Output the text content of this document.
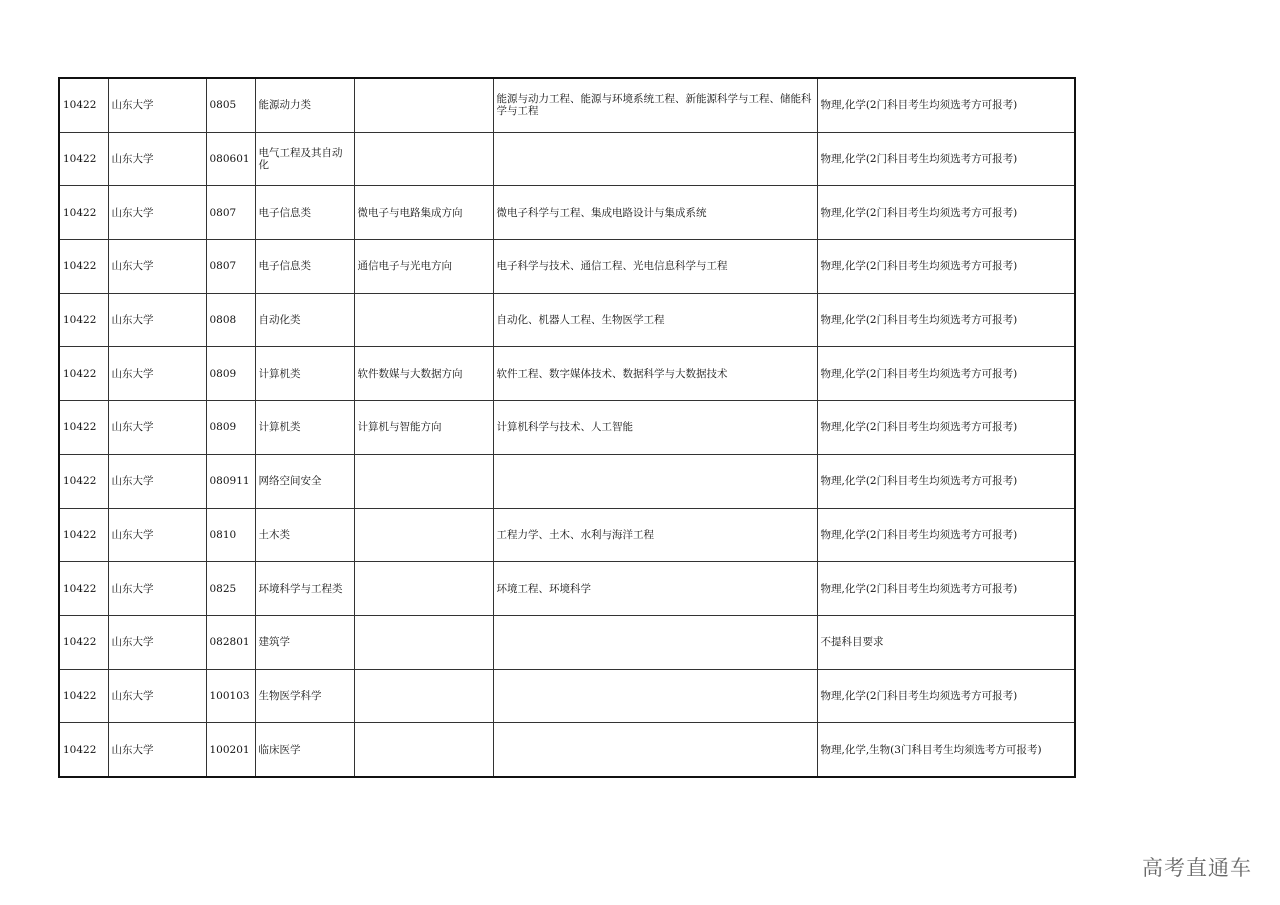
10422	山东大学	0805	能源动力类		能源与动力工程、能源与环境系统工程、新能源科学与工程、储能科学与工程	物理,化学(2门科目考生均须选考方可报考)
10422	山东大学	080601	电气工程及其自动化			物理,化学(2门科目考生均须选考方可报考)
10422	山东大学	0807	电子信息类	微电子与电路集成方向	微电子科学与工程、集成电路设计与集成系统	物理,化学(2门科目考生均须选考方可报考)
10422	山东大学	0807	电子信息类	通信电子与光电方向	电子科学与技术、通信工程、光电信息科学与工程	物理,化学(2门科目考生均须选考方可报考)
10422	山东大学	0808	自动化类		自动化、机器人工程、生物医学工程	物理,化学(2门科目考生均须选考方可报考)
10422	山东大学	0809	计算机类	软件数媒与大数据方向	软件工程、数字媒体技术、数据科学与大数据技术	物理,化学(2门科目考生均须选考方可报考)
10422	山东大学	0809	计算机类	计算机与智能方向	计算机科学与技术、人工智能	物理,化学(2门科目考生均须选考方可报考)
10422	山东大学	080911	网络空间安全			物理,化学(2门科目考生均须选考方可报考)
10422	山东大学	0810	土木类		工程力学、土木、水利与海洋工程	物理,化学(2门科目考生均须选考方可报考)
10422	山东大学	0825	环境科学与工程类		环境工程、环境科学	物理,化学(2门科目考生均须选考方可报考)
10422	山东大学	082801	建筑学			不提科目要求
10422	山东大学	100103	生物医学科学			物理,化学(2门科目考生均须选考方可报考)
10422	山东大学	100201	临床医学			物理,化学,生物(3门科目考生均须选考方可报考)
高考直通车
